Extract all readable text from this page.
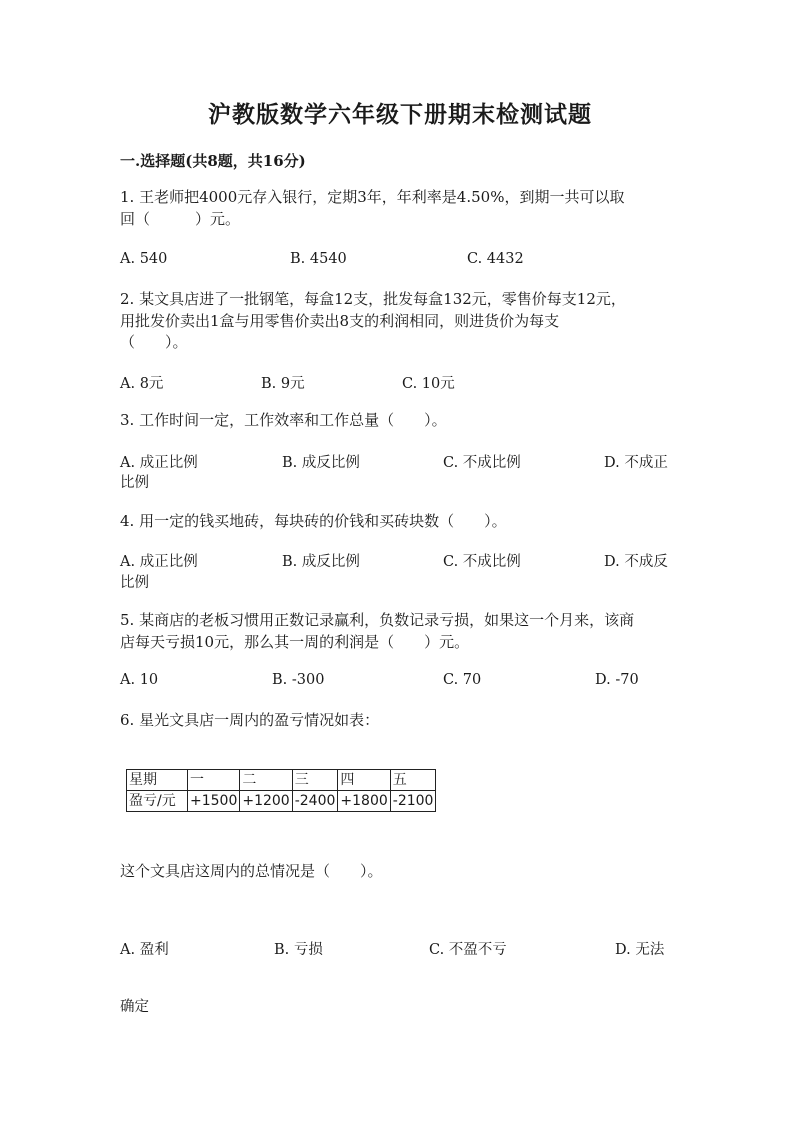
沪教版数学六年级下册期末检测试题
一.选择题(共8题，共16分)
1. 王老师把4000元存入银行，定期3年，年利率是4.50%，到期一共可以取
回（　　　）元。
A. 540	B. 4540	C. 4432
2. 某文具店进了一批钢笔，每盒12支，批发每盒132元，零售价每支12元，
用批发价卖出1盒与用零售价卖出8支的利润相同，则进货价为每支
（　　）。
A. 8元	B. 9元	C. 10元
3. 工作时间一定，工作效率和工作总量（　　）。
A. 成正比例	B. 成反比例	C. 不成比例	D. 不成正
比例
4. 用一定的钱买地砖，每块砖的价钱和买砖块数（　　）。
A. 成正比例	B. 成反比例	C. 不成比例	D. 不成反
比例
5. 某商店的老板习惯用正数记录赢利，负数记录亏损，如果这一个月来，该商
店每天亏损10元，那么其一周的利润是（　　）元。
A. 10	B. -300	C. 70	D. -70
6. 星光文具店一周内的盈亏情况如表：
星期	一	二	三	四	五
盈亏/元	+1500	+1200	-2400	+1800	-2100
这个文具店这周内的总情况是（　　）。
A. 盈利	B. 亏损	C. 不盈不亏	D. 无法
确定
